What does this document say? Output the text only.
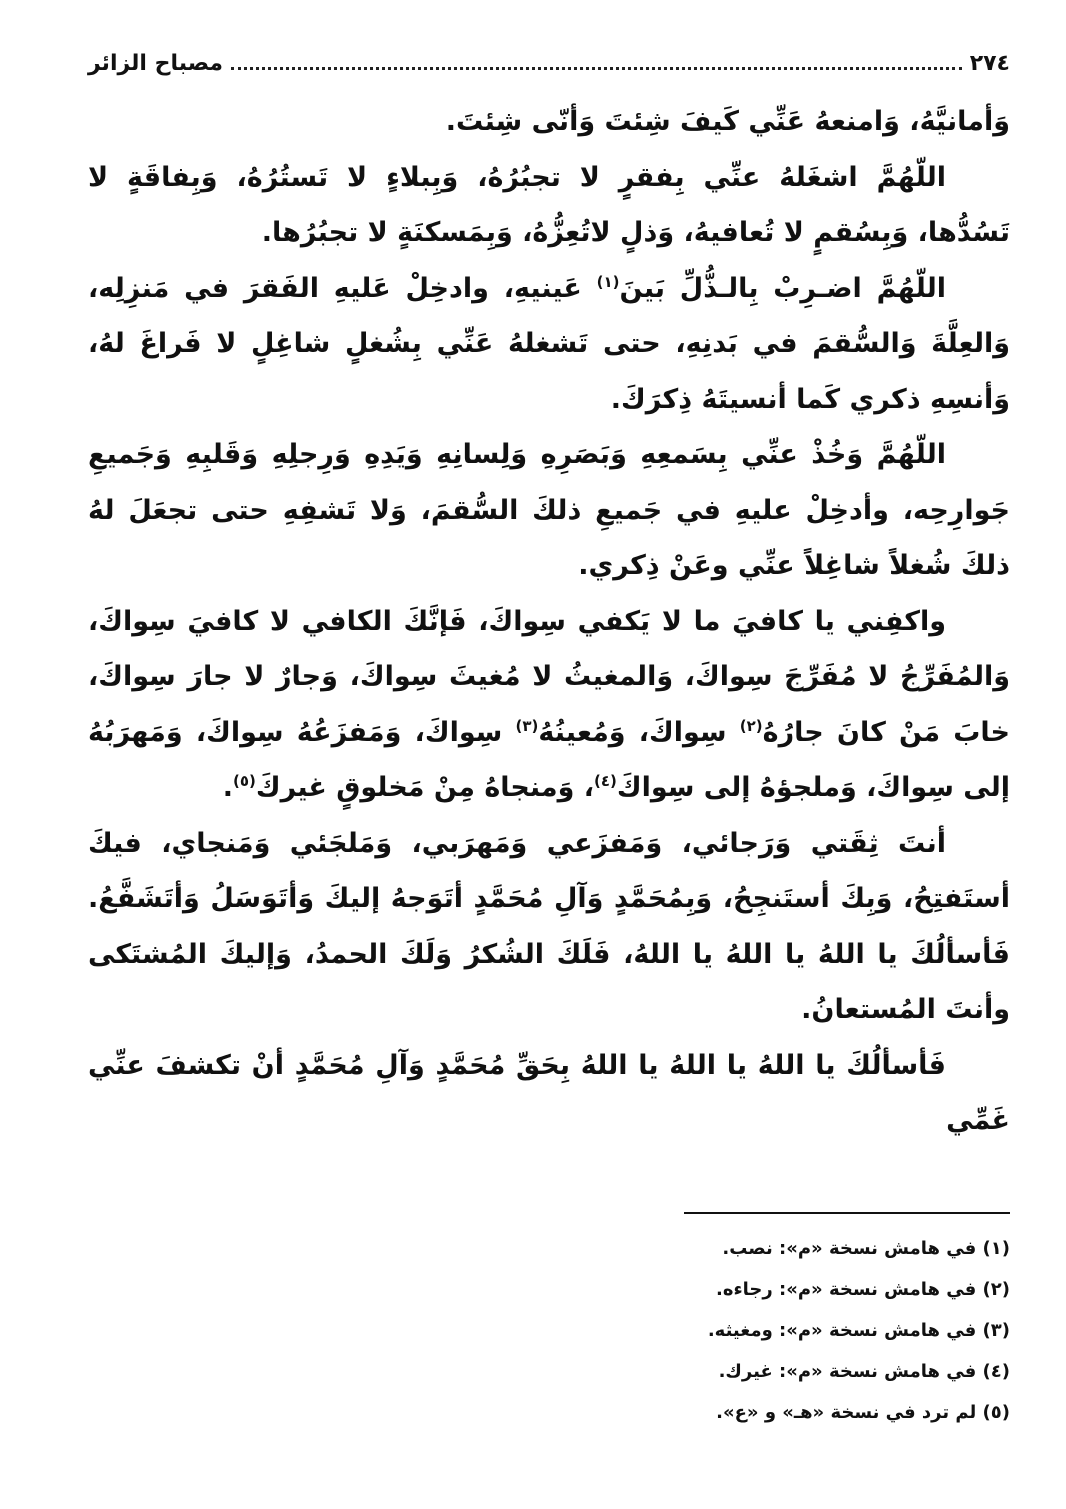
٢٧٤
مصباح الزائر

وَأمانيَّهُ، وَامنعهُ عَنِّي كَيفَ شِئتَ وَأنّى شِئتَ.

اللّهُمَّ اشغَلهُ عنِّي بِفقرٍ لا تجبُرُهُ، وَبِبلاءٍ لا تَستُرُهُ، وَبِفاقَةٍ لا تَسُدُّها، وَبِسُقمٍ لا تُعافيهُ، وَذلٍ لاتُعِزُّهُ، وَبِمَسكنَةٍ لا تجبُرُها.

اللّهُمَّ اضـرِبْ بِالـذُّلِّ بَينَ$^{(١)}$ عَينيهِ، وادخِلْ عَليهِ الفَقرَ في مَنزِلِه، وَالعِلَّةَ وَالسُّقمَ في بَدنِهِ، حتى تَشغلهُ عَنِّي بِشُغلٍ شاغِلٍ لا فَراغَ لهُ، وَأنسِهِ ذكري كَما أنسيتَهُ ذِكرَكَ.

اللّهُمَّ وَخُذْ عنِّي بِسَمعِهِ وَبَصَرِهِ وَلِسانِهِ وَيَدِهِ وَرِجلِهِ وَقَلبِهِ وَجَميعِ جَوارِحِه، وأدخِلْ عليهِ في جَميعِ ذلكَ السُّقمَ، وَلا تَشفِهِ حتى تجعَلَ لهُ ذلكَ شُغلاً شاغِلاً عنِّي وعَنْ ذِكري.

واكفِني يا كافيَ ما لا يَكفي سِواكَ، فَإنَّكَ الكافي لا كافيَ سِواكَ، وَالمُفَرِّجُ لا مُفَرِّجَ سِواكَ، وَالمغيثُ لا مُغيثَ سِواكَ، وَجارٌ لا جارَ سِواكَ، خابَ مَنْ كانَ جارُهُ$^{(٢)}$ سِواكَ، وَمُعينُهُ$^{(٣)}$ سِواكَ، وَمَفزَعُهُ سِواكَ، وَمَهرَبُهُ إلى سِواكَ، وَملجؤهُ إلى سِواكَ$^{(٤)}$، وَمنجاهُ مِنْ مَخلوقٍ غيركَ$^{(٥)}$.

أنتَ ثِقَتي وَرَجائي، وَمَفزَعي وَمَهرَبي، وَمَلجَئي وَمَنجاي، فيكَ أستَفتِحُ، وَبِكَ أستَنجِحُ، وَبِمُحَمَّدٍ وَآلِ مُحَمَّدٍ أتَوَجهُ إليكَ وَأتَوَسَلُ وَأتَشَفَّعُ. فَأسألُكَ يا اللهُ يا اللهُ يا اللهُ، فَلَكَ الشُكرُ وَلَكَ الحمدُ، وَإليكَ المُشتَكى وأنتَ المُستعانُ.

فَأسألُكَ يا اللهُ يا اللهُ يا اللهُ بِحَقِّ مُحَمَّدٍ وَآلِ مُحَمَّدٍ أنْ تكشفَ عنِّي غَمِّي

(١) في هامش نسخة «م»: نصب.

(٢) في هامش نسخة «م»: رجاءه.

(٣) في هامش نسخة «م»: ومغيثه.

(٤) في هامش نسخة «م»: غيرك.

(٥) لم ترد في نسخة «هـ» و «ع».
